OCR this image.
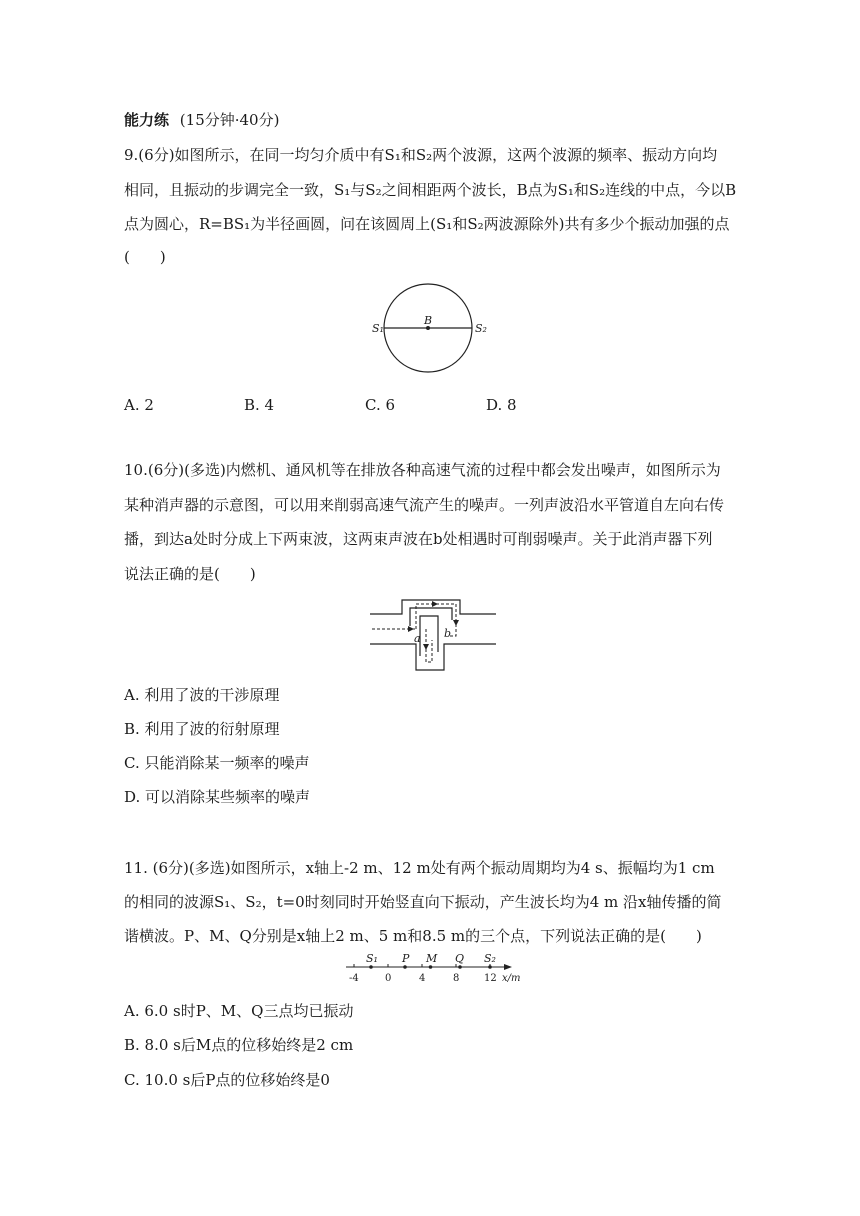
能力练 (15分钟·40分)
9.(6分)如图所示，在同一均匀介质中有S₁和S₂两个波源，这两个波源的频率、振动方向均
相同，且振动的步调完全一致，S₁与S₂之间相距两个波长，B点为S₁和S₂连线的中点，今以B
点为圆心，R=BS₁为半径画圆，问在该圆周上(S₁和S₂两波源除外)共有多少个振动加强的点
(　　)
S₁
B
S₂
A. 2	B. 4	C. 6	D. 8
10.(6分)(多选)内燃机、通风机等在排放各种高速气流的过程中都会发出噪声，如图所示为
某种消声器的示意图，可以用来削弱高速气流产生的噪声。一列声波沿水平管道自左向右传
播，到达a处时分成上下两束波，这两束声波在b处相遇时可削弱噪声。关于此消声器下列
说法正确的是(　　)
a b
A. 利用了波的干涉原理
B. 利用了波的衍射原理
C. 只能消除某一频率的噪声
D. 可以消除某些频率的噪声
11. (6分)(多选)如图所示，x轴上-2 m、12 m处有两个振动周期均为4 s、振幅均为1 cm
的相同的波源S₁、S₂，t=0时刻同时开始竖直向下振动，产生波长均为4 m 沿x轴传播的简
谐横波。P、M、Q分别是x轴上2 m、5 m和8.5 m的三个点，下列说法正确的是(　　)
S₁ P M Q S₂
-4	0	4	8 12 x/m
A. 6.0 s时P、M、Q三点均已振动
B. 8.0 s后M点的位移始终是2 cm
C. 10.0 s后P点的位移始终是0
